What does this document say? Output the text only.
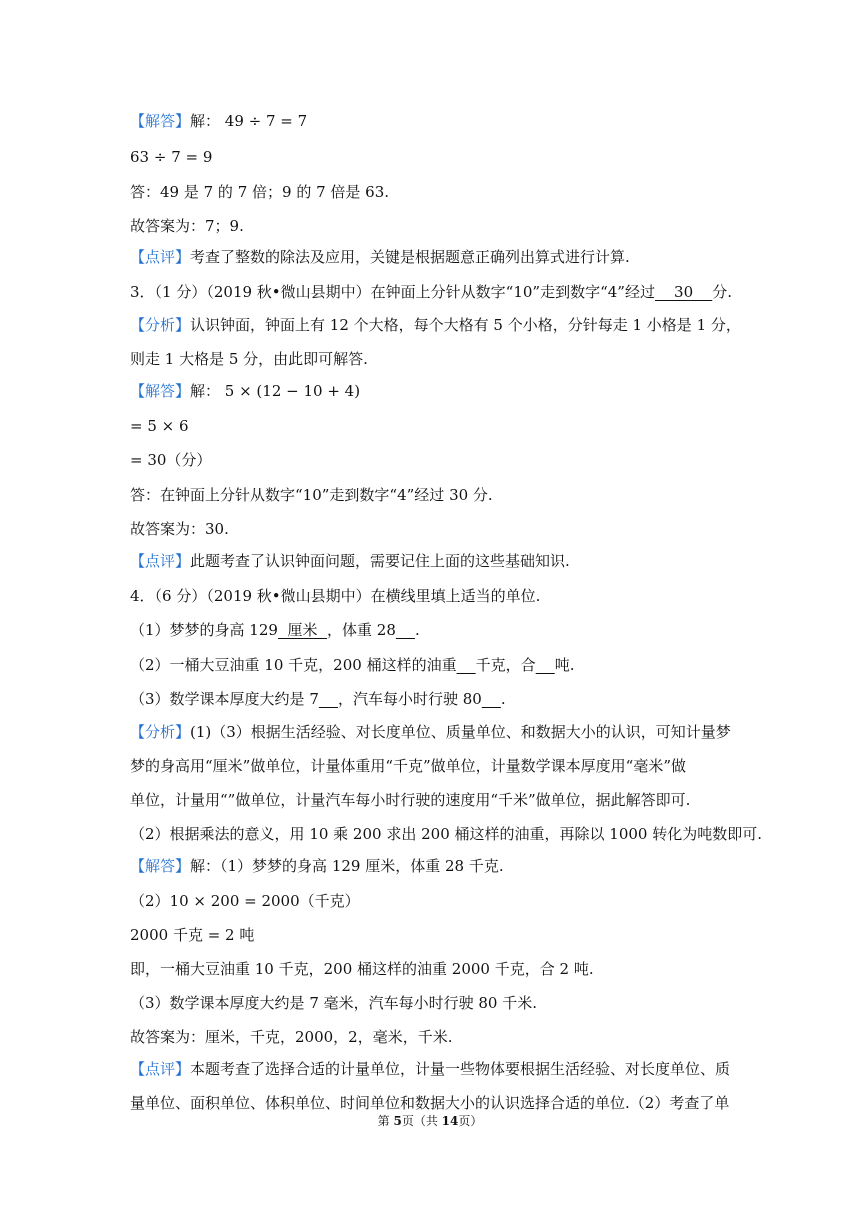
【解答】解： 49 ÷ 7 = 7
63 ÷ 7 = 9
答：49 是 7 的 7 倍；9 的 7 倍是 63.
故答案为：7；9.
【点评】考查了整数的除法及应用，关键是根据题意正确列出算式进行计算.
3．（1 分）（2019 秋•微山县期中）在钟面上分针从数字“10”走到数字“4”经过    30    分.
【分析】认识钟面，钟面上有 12 个大格，每个大格有 5 个小格，分针每走 1 小格是 1 分，
则走 1 大格是 5 分，由此即可解答.
【解答】解： 5 × (12 − 10 + 4)
= 5 × 6
= 30（分）
答：在钟面上分针从数字“10”走到数字“4”经过 30 分.
故答案为：30.
【点评】此题考查了认识钟面问题，需要记住上面的这些基础知识.
4．（6 分）（2019 秋•微山县期中）在横线里填上适当的单位.
（1）梦梦的身高 129  厘米  ，体重 28 .
（2）一桶大豆油重 10 千克，200 桶这样的油重 千克，合 吨.
（3）数学课本厚度大约是 7 ，汽车每小时行驶 80 .
【分析】(1)（3）根据生活经验、对长度单位、质量单位、和数据大小的认识，可知计量梦
梦的身高用“厘米”做单位，计量体重用“千克”做单位，计量数学课本厚度用“毫米”做
单位，计量用“”做单位，计量汽车每小时行驶的速度用“千米”做单位，据此解答即可.
（2）根据乘法的意义，用 10 乘 200 求出 200 桶这样的油重，再除以 1000 转化为吨数即可.
【解答】解：（1）梦梦的身高 129 厘米，体重 28 千克.
（2）10 × 200 = 2000（千克）
2000 千克 = 2 吨
即，一桶大豆油重 10 千克，200 桶这样的油重 2000 千克，合 2 吨.
（3）数学课本厚度大约是 7 毫米，汽车每小时行驶 80 千米.
故答案为：厘米，千克，2000，2，毫米，千米.
【点评】本题考查了选择合适的计量单位，计量一些物体要根据生活经验、对长度单位、质
量单位、面积单位、体积单位、时间单位和数据大小的认识选择合适的单位.（2）考查了单
第 5页（共 14页）
